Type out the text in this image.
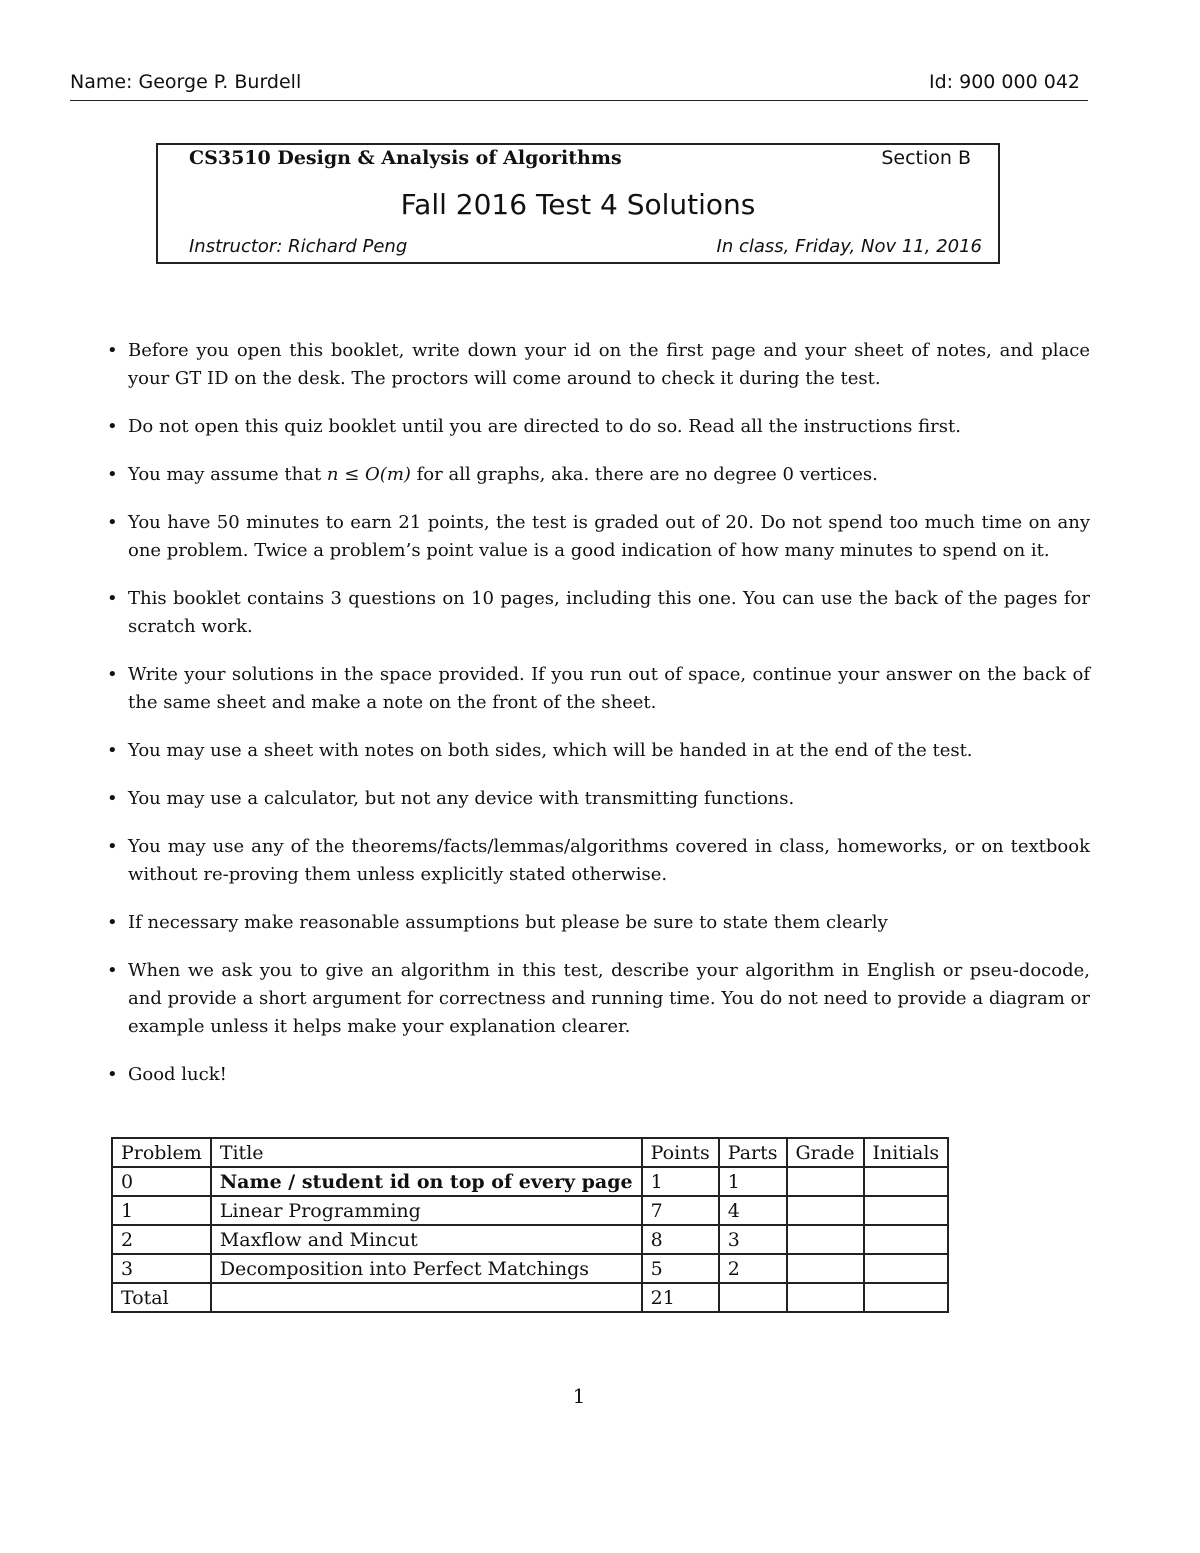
Name: George P. Burdell	Id: 900 000 042
CS3510 Design & Analysis of Algorithms	Section B
Fall 2016 Test 4 Solutions
Instructor: Richard Peng	In class, Friday, Nov 11, 2016
• Before you open this booklet, write down your id on the first page and your sheet of notes, and place your GT ID on the desk. The proctors will come around to check it during the test.
• Do not open this quiz booklet until you are directed to do so. Read all the instructions first.
• You may assume that n ≤ O(m) for all graphs, aka. there are no degree 0 vertices.
• You have 50 minutes to earn 21 points, the test is graded out of 20. Do not spend too much time on any one problem. Twice a problem’s point value is a good indication of how many minutes to spend on it.
• This booklet contains 3 questions on 10 pages, including this one. You can use the back of the pages for scratch work.
• Write your solutions in the space provided. If you run out of space, continue your answer on the back of the same sheet and make a note on the front of the sheet.
• You may use a sheet with notes on both sides, which will be handed in at the end of the test.
• You may use a calculator, but not any device with transmitting functions.
• You may use any of the theorems/facts/lemmas/algorithms covered in class, homeworks, or on textbook without re-proving them unless explicitly stated otherwise.
• If necessary make reasonable assumptions but please be sure to state them clearly
• When we ask you to give an algorithm in this test, describe your algorithm in English or pseu-docode, and provide a short argument for correctness and running time. You do not need to provide a diagram or example unless it helps make your explanation clearer.
• Good luck!
Problem	Title	Points	Parts	Grade	Initials
0	Name / student id on top of every page	1	1		
1	Linear Programming	7	4		
2	Maxflow and Mincut	8	3		
3	Decomposition into Perfect Matchings	5	2		
Total		21			
1
